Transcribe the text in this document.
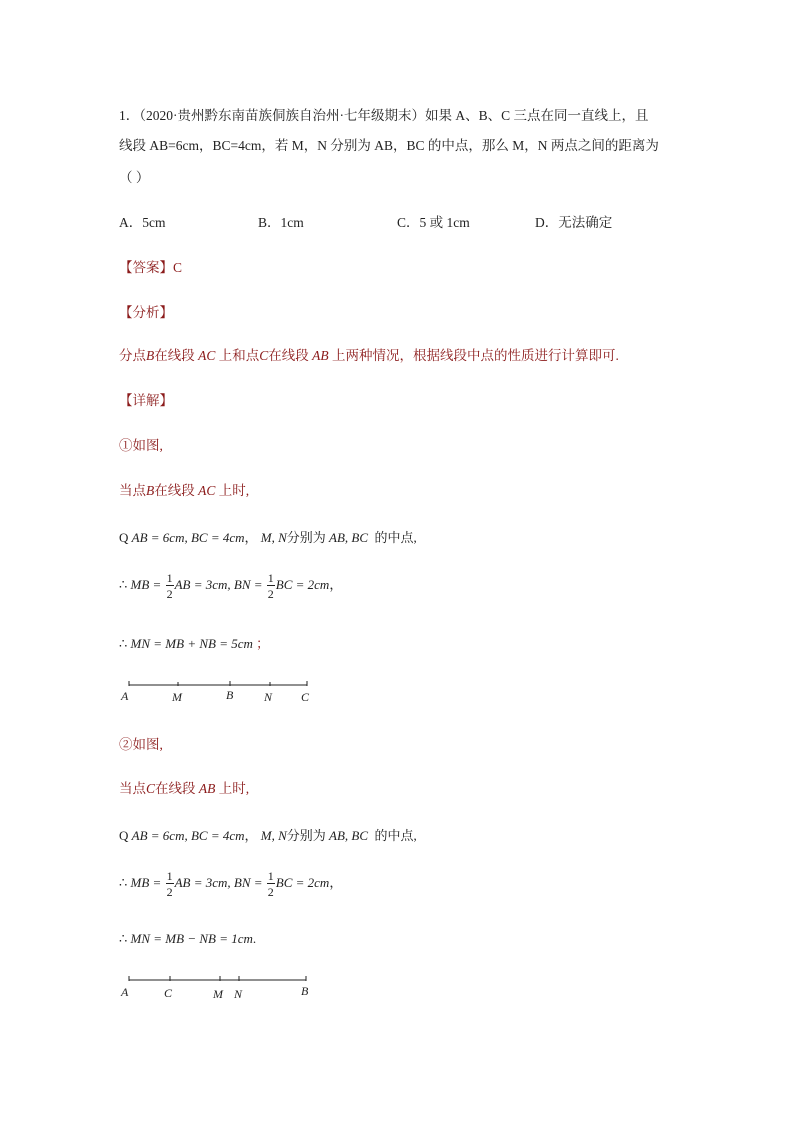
1．（2020·贵州黔东南苗族侗族自治州·七年级期末）如果 A、B、C 三点在同一直线上，且
线段 AB=6cm，BC=4cm，若 M，N 分别为 AB，BC 的中点，那么 M，N 两点之间的距离为
（ ）
A．5cm	B．1cm	C．5 或 1cm	D．无法确定
【答案】C
【分析】
分点B在线段 AC 上和点C在线段 AB 上两种情况，根据线段中点的性质进行计算即可.
【详解】
①如图,
当点B在线段 AC 上时,
Q AB = 6cm, BC = 4cm， M, N分别为 AB, BC 的中点,
∴ MB = $\frac{1}{2}$ AB = 3cm, BN = $\frac{1}{2}$ BC = 2cm，
∴ MN = MB + NB = 5cm ；
A	M	B	N C
②如图,
当点C在线段 AB 上时,
Q AB = 6cm, BC = 4cm， M, N分别为 AB, BC 的中点,
∴ MB = $\frac{1}{2}$ AB = 3cm, BN = $\frac{1}{2}$ BC = 2cm，
∴ MN = MB − NB = 1cm.
A	C	M N	B
